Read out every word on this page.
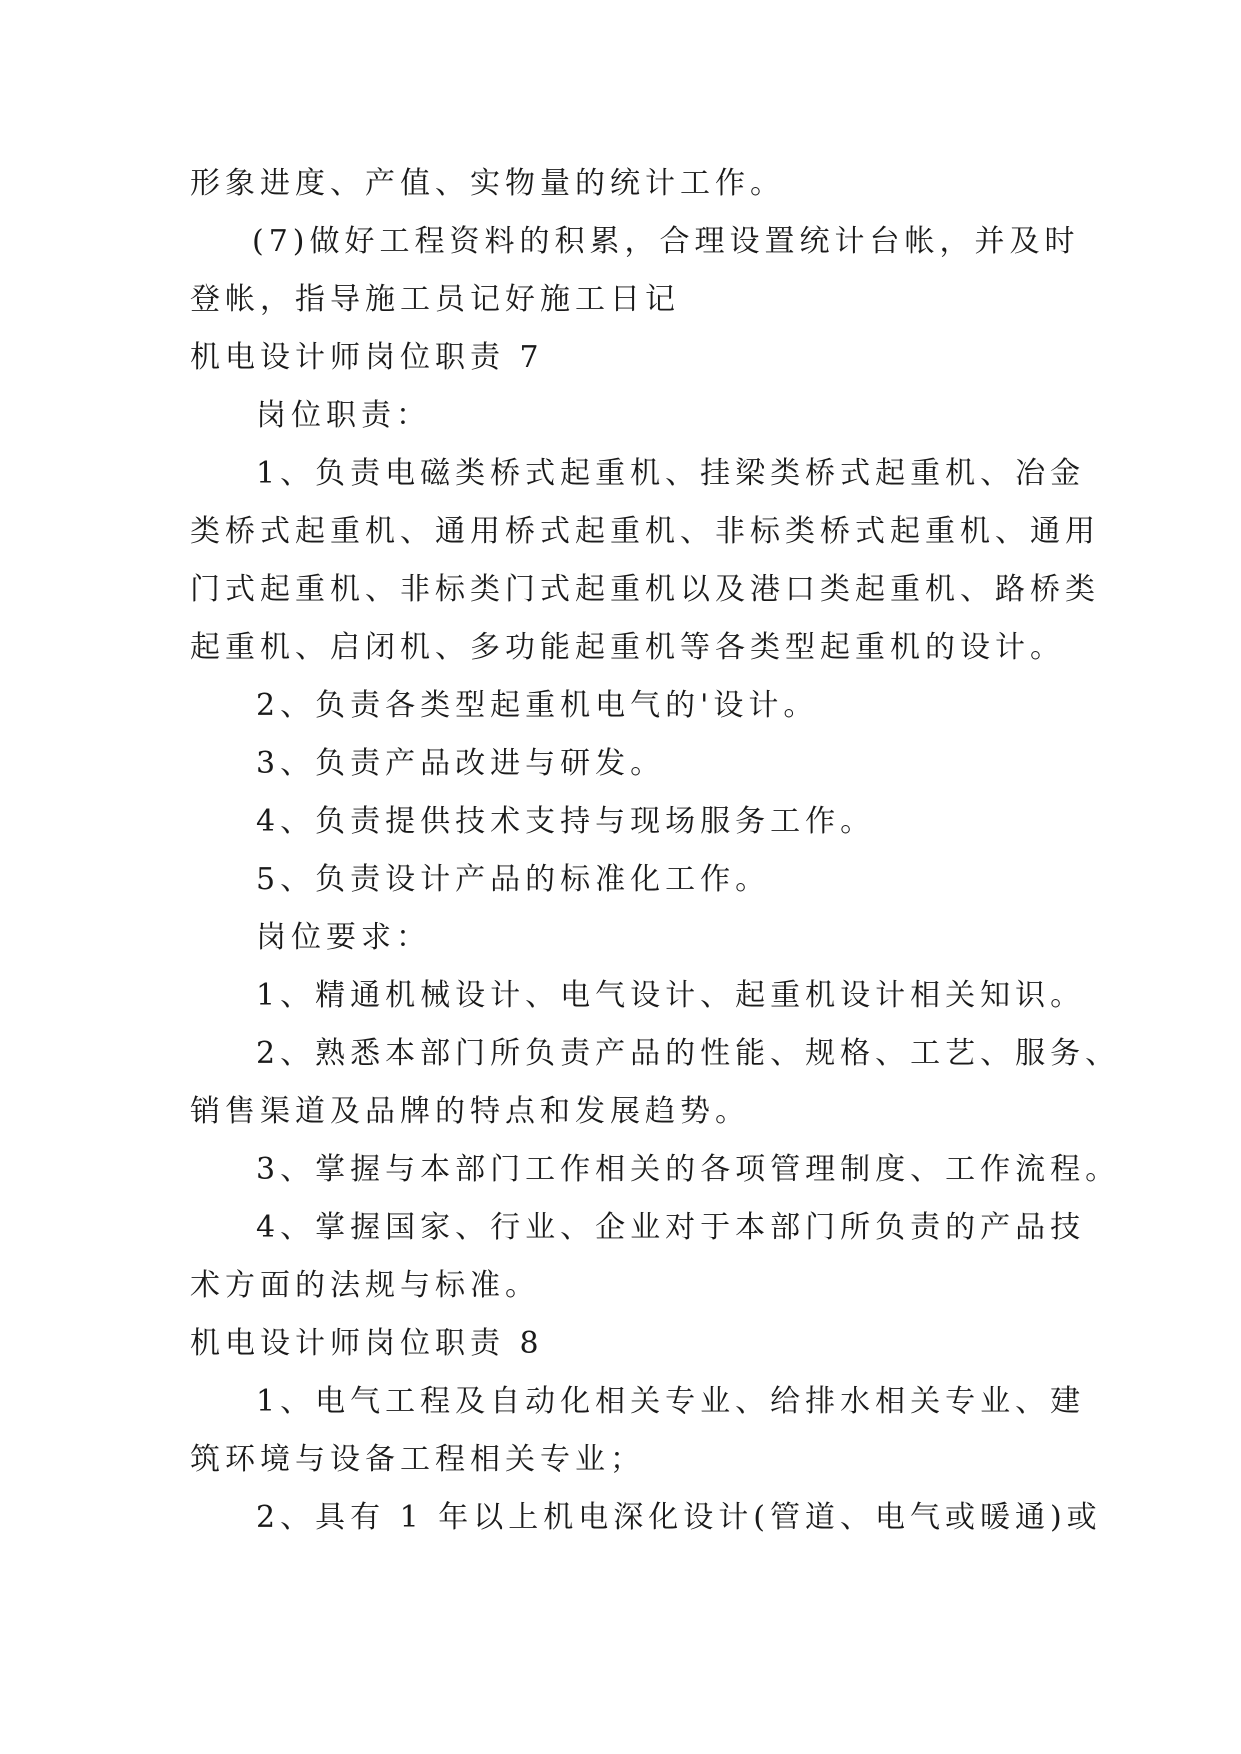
形象进度、产值、实物量的统计工作。
(7)做好工程资料的积累，合理设置统计台帐，并及时
登帐，指导施工员记好施工日记
机电设计师岗位职责 7
岗位职责：
1、负责电磁类桥式起重机、挂梁类桥式起重机、冶金
类桥式起重机、通用桥式起重机、非标类桥式起重机、通用
门式起重机、非标类门式起重机以及港口类起重机、路桥类
起重机、启闭机、多功能起重机等各类型起重机的设计。
2、负责各类型起重机电气的'设计。
3、负责产品改进与研发。
4、负责提供技术支持与现场服务工作。
5、负责设计产品的标准化工作。
岗位要求：
1、精通机械设计、电气设计、起重机设计相关知识。
2、熟悉本部门所负责产品的性能、规格、工艺、服务、
销售渠道及品牌的特点和发展趋势。
3、掌握与本部门工作相关的各项管理制度、工作流程。
4、掌握国家、行业、企业对于本部门所负责的产品技
术方面的法规与标准。
机电设计师岗位职责 8
1、电气工程及自动化相关专业、给排水相关专业、建
筑环境与设备工程相关专业；
2、具有 1 年以上机电深化设计(管道、电气或暖通)或
